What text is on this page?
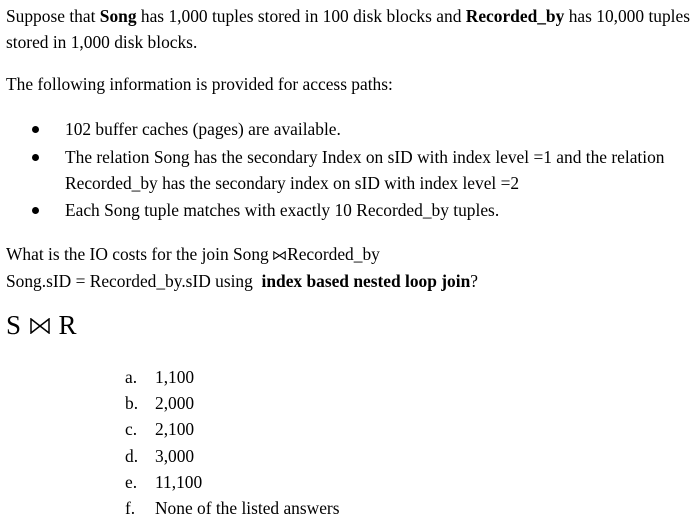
Suppose that Song has 1,000 tuples stored in 100 disk blocks and Recorded_by has 10,000 tuples stored in 1,000 disk blocks.
The following information is provided for access paths:
102 buffer caches (pages) are available.
The relation Song has the secondary Index on sID with index level =1 and the relation Recorded_by has the secondary index on sID with index level =2
Each Song tuple matches with exactly 10 Recorded_by tuples.
What is the IO costs for the join Song Recorded_by
Song.sID = Recorded_by.sID using  index based nested loop join?
S R
a. 1,100
b. 2,000
c. 2,100
d. 3,000
e. 11,100
f. None of the listed answers
